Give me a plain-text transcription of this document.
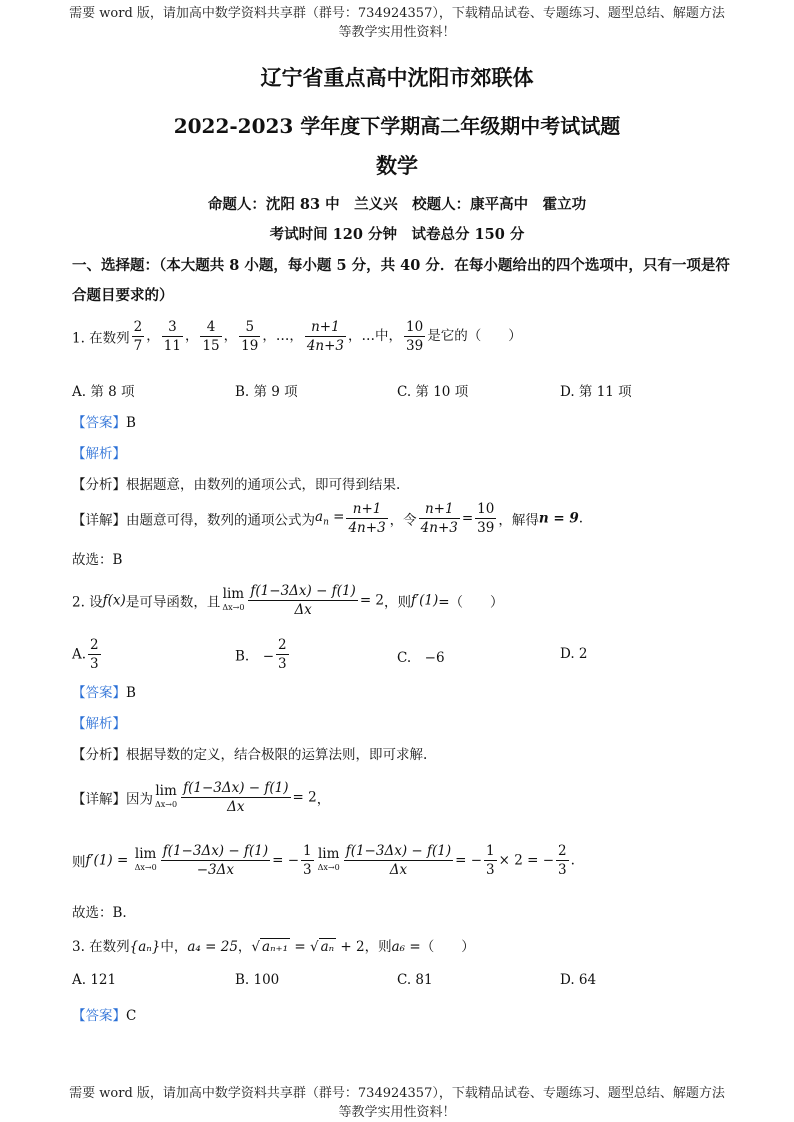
需要 word 版，请加高中数学资料共享群（群号：734924357），下载精品试卷、专题练习、题型总结、解题方法
等教学实用性资料！
辽宁省重点高中沈阳市郊联体
2022-2023 学年度下学期高二年级期中考试试题
数学
命题人：沈阳 83 中　兰义兴　校题人：康平高中　霍立功
考试时间 120 分钟　试卷总分 150 分
一、选择题：（本大题共 8 小题，每小题 5 分，共 40 分．在每小题给出的四个选项中，只有一项是符合题目要求的）
1. 在数列 $\frac{2}{7}$ ， $\frac{3}{11}$ ， $\frac{4}{15}$ ， $\frac{5}{19}$ ，…， $\frac{n+1}{4n+3}$ ，…中， $\frac{10}{39}$ 是它的（　　）
A. 第 8 项	B. 第 9 项	C. 第 10 项	D. 第 11 项
【答案】B
【解析】
【分析】根据题意，由数列的通项公式，即可得到结果.
【详解】由题意可得，数列的通项公式为$a_n = \frac{n+1}{4n+3}$ ，令 $\frac{n+1}{4n+3} = \frac{10}{39}$ ，解得n = 9.
故选：B
2. 设f(x)是可导函数，且lim
$\Delta x\to 0 \frac{f(1-3\Delta x) - f(1)}{\Delta x} = 2$，则f′(1)=（　　）
A. $\frac{2}{3}$	B.　− $\frac{2}{3}$	C.　−6	D. 2
【答案】B
【解析】
【分析】根据导数的定义，结合极限的运算法则，即可求解.
【详解】因为lim
$\Delta x\to 0 \frac{f(1-3\Delta x) - f(1)}{\Delta x} = 2$，
则f′(1) = lim
$\Delta x\to 0 \frac{f(1-3\Delta x) - f(1)}{-3\Delta x}$ = − $\frac{1}{3}$ lim
$\Delta x\to 0 \frac{f(1-3\Delta x) - f(1)}{\Delta x}$ = − $\frac{1}{3} \times 2$ = − $\frac{2}{3}$ .
故选：B.
3. 在数列{aₙ}中，a₄ = 25，√ aₙ₊₁ = √ aₙ + 2，则a₆ =（　　）
A. 121	B. 100	C. 81	D. 64
【答案】C
需要 word 版，请加高中数学资料共享群（群号：734924357），下载精品试卷、专题练习、题型总结、解题方法
等教学实用性资料！
